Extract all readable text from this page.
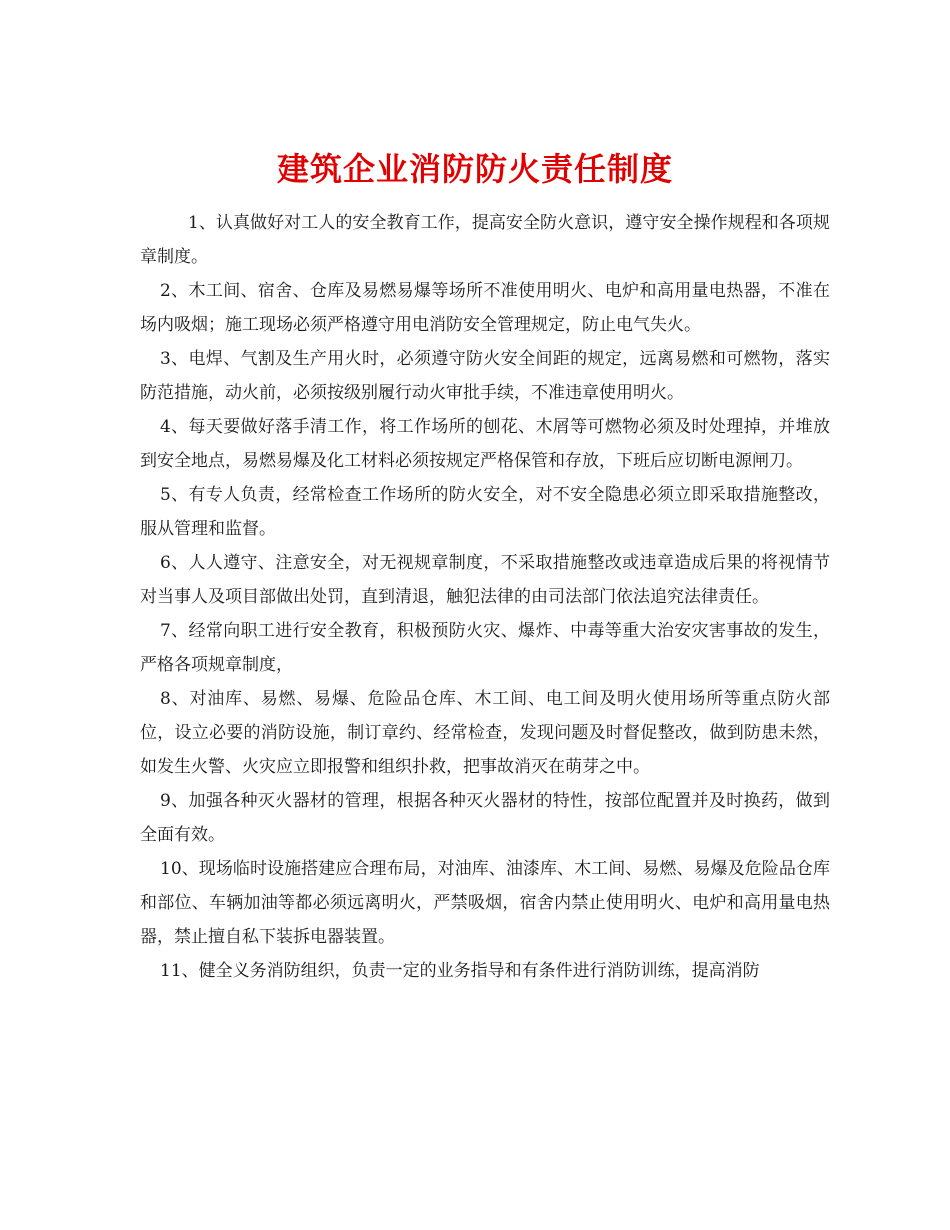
建筑企业消防防火责任制度

1、认真做好对工人的安全教育工作，提高安全防火意识，遵守安全操作规程和各项规章制度。

2、木工间、宿舍、仓库及易燃易爆等场所不准使用明火、电炉和高用量电热器，不准在场内吸烟；施工现场必须严格遵守用电消防安全管理规定，防止电气失火。

3、电焊、气割及生产用火时，必须遵守防火安全间距的规定，远离易燃和可燃物，落实防范措施，动火前，必须按级别履行动火审批手续，不准违章使用明火。

4、每天要做好落手清工作，将工作场所的刨花、木屑等可燃物必须及时处理掉，并堆放到安全地点，易燃易爆及化工材料必须按规定严格保管和存放，下班后应切断电源闸刀。

5、有专人负责，经常检查工作场所的防火安全，对不安全隐患必须立即采取措施整改，服从管理和监督。

6、人人遵守、注意安全，对无视规章制度，不采取措施整改或违章造成后果的将视情节对当事人及项目部做出处罚，直到清退，触犯法律的由司法部门依法追究法律责任。

7、经常向职工进行安全教育，积极预防火灾、爆炸、中毒等重大治安灾害事故的发生，严格各项规章制度，

8、对油库、易燃、易爆、危险品仓库、木工间、电工间及明火使用场所等重点防火部位，设立必要的消防设施，制订章约、经常检查，发现问题及时督促整改，做到防患未然，如发生火警、火灾应立即报警和组织扑救，把事故消灭在萌芽之中。

9、加强各种灭火器材的管理，根据各种灭火器材的特性，按部位配置并及时换药，做到全面有效。

10、现场临时设施搭建应合理布局，对油库、油漆库、木工间、易燃、易爆及危险品仓库和部位、车辆加油等都必须远离明火，严禁吸烟，宿舍内禁止使用明火、电炉和高用量电热器，禁止擅自私下装拆电器装置。

11、健全义务消防组织，负责一定的业务指导和有条件进行消防训练，提高消防
